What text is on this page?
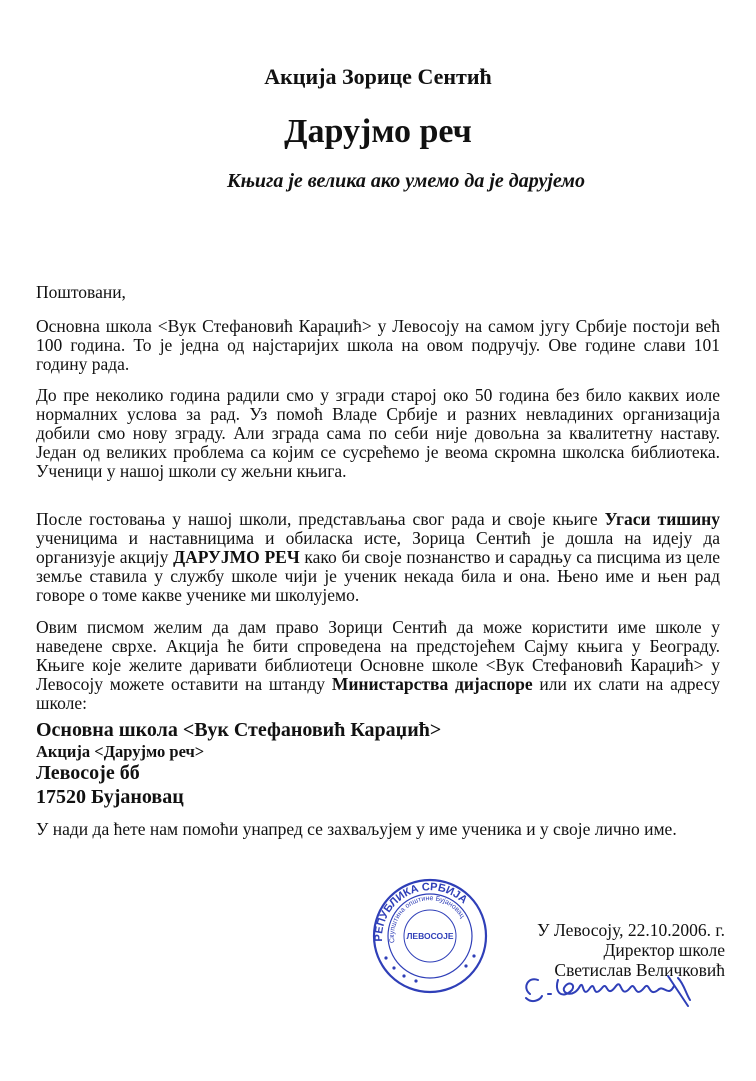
Акција Зорице Сентић
Дарујмо реч
Књига је велика ако умемо да је дарујемо
Поштовани,

Основна школа <Вук Стефановић Караџић> у Левосоју на самом југу Србије постоји већ 100 година. То је једна од најстаријих школа на овом подручју. Ове године слави 101 годину рада.

До пре неколико година радили смо у згради старој око 50 година без било каквих иоле нормалних услова за рад. Уз помоћ Владе Србије и разних невладиних организација добили смо нову зграду. Али зграда сама по себи није довољна за квалитетну наставу. Један од великих проблема са којим се сусрећемо је веома скромна школска библиотека. Ученици у нашој школи су жељни књига.

После гостовања у нашој школи, представљања свог рада и своје књиге Угаси тишину ученицима и наставницима и обиласка исте, Зорица Сентић је дошла на идеју да организује акцију ДАРУЈМО РЕЧ како би своје познанство и сарадњу са писцима из целе земље ставила у службу школе чији је ученик некада била и она. Њено име и њен рад говоре о томе какве ученике ми школујемо.

Овим писмом желим да дам право Зорици Сентић да може користити име школе у наведене сврхе. Акција ће бити спроведена на предстојећем Сајму књига у Београду. Књиге које желите даривати библиотеци Основне школе <Вук Стефановић Караџић> у Левосоју можете оставити на штанду Министарства дијаспоре или их слати на адресу школе:

Основна школа <Вук Стефановић Караџић>
Акција <Дарујмо реч>
Левосоје бб
17520 Бујановац

У нади да ћете нам помоћи унапред се захваљујем у име ученика и у своје лично име.

У Левосоју, 22.10.2006. г.
Директор школе
Светислав Величковић
РЕПУБЛИКА СРБИЈА
Скупштина општине Бујановац
ЛЕВОСОЈЕ
